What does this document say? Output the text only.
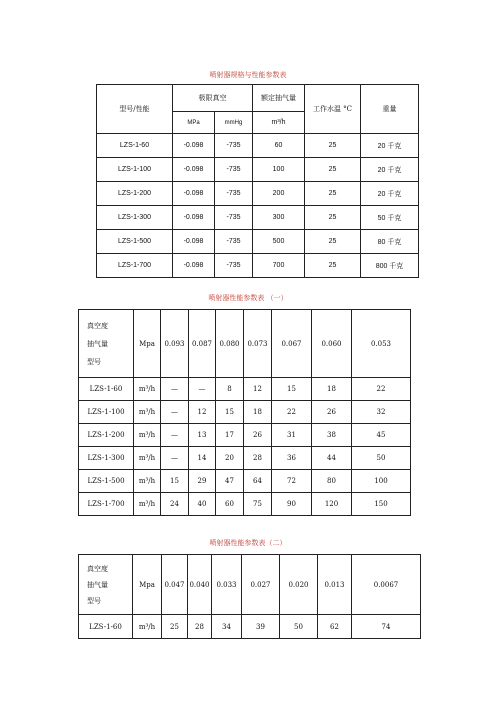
喷射器规格与性能参数表
型号/性能	极限真空		额定抽气量	工作水温 °C	重量
	MPa	mmHg	m³/h		
LZS-1-60	-0.098	-735	60	25	20 千克
LZS-1-100	-0.098	-735	100	25	20 千克
LZS-1-200	-0.098	-735	200	25	20 千克
LZS-1-300	-0.098	-735	300	25	50 千克
LZS-1-500	-0.098	-735	500	25	80 千克
LZS-1-700	-0.098	-735	700	25	800 千克
喷射器性能参数表 （一）
真空度
抽气量
型号	Mpa	0.093	0.087	0.080	0.073	0.067	0.060	0.053
LZS-1-60	m³/h	—	—	8	12	15	18	22
LZS-1-100	m³/h	—	12	15	18	22	26	32
LZS-1-200	m³/h	—	13	17	26	31	38	45
LZS-1-300	m³/h	—	14	20	28	36	44	50
LZS-1-500	m³/h	15	29	47	64	72	80	100
LZS-1-700	m³/h	24	40	60	75	90	120	150
喷射器性能参数表（二）
真空度
抽气量
型号	Mpa	0.047	0.040	0.033	0.027	0.020	0.013	0.0067
LZS-1-60	m³/h	25	28	34	39	50	62	74
